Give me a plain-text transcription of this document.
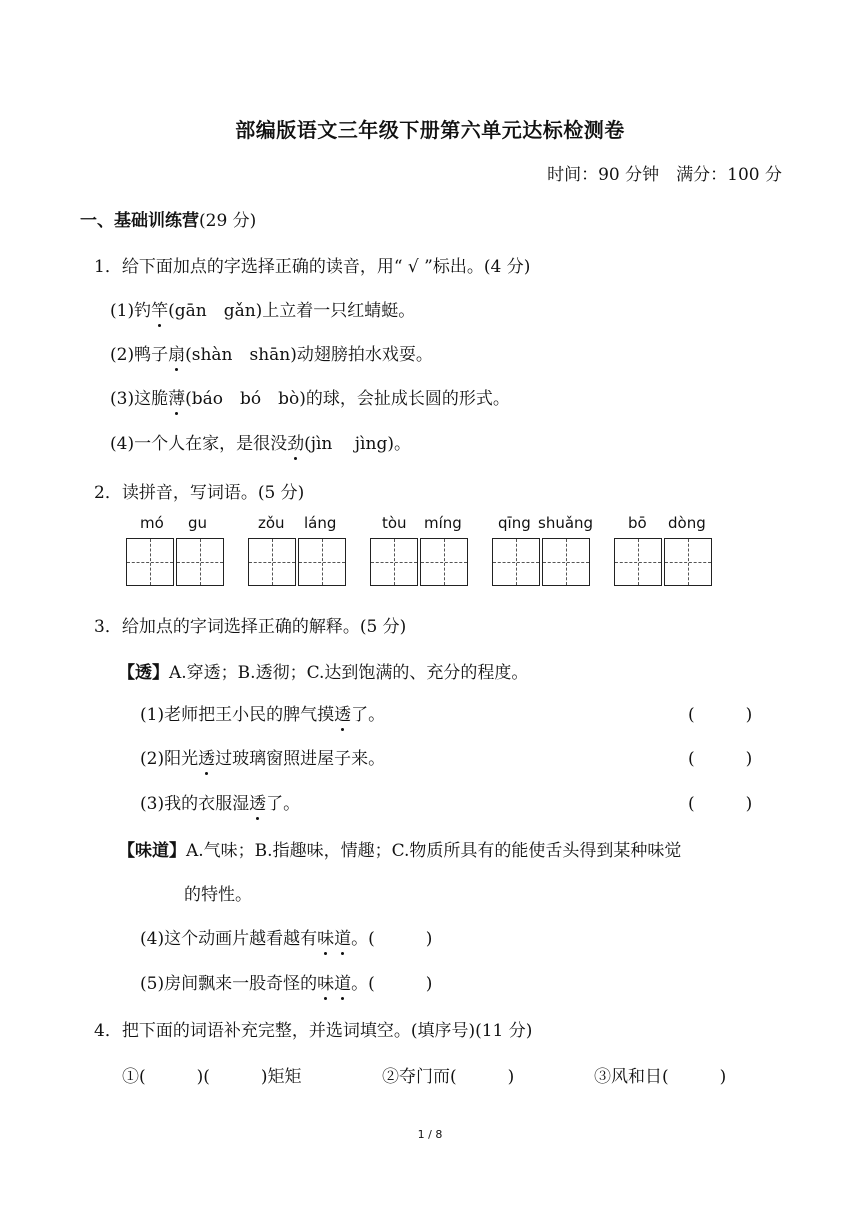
部编版语文三年级下册第六单元达标检测卷
时间：90 分钟　满分：100 分
一、基础训练营(29 分)
1．给下面加点的字选择正确的读音，用“ √ ”标出。(4 分)
(1)钓竿(gān　gǎn)上立着一只红蜻蜓。
(2)鸭子扇(shàn　shān)动翅膀拍水戏耍。
(3)这脆薄(báo　bó　bò)的球，会扯成长圆的形式。
(4)一个人在家，是很没劲(jìn　 jìng)。
2．读拼音，写词语。(5 分)
mó gu	zǒu láng	tòu míng qīng shuǎng bō dòng
3．给加点的字词选择正确的解释。(5 分)
【透】A.穿透；B.透彻；C.达到饱满的、充分的程度。
(1)老师把王小民的脾气摸透了。	(　　　)
(2)阳光透过玻璃窗照进屋子来。	(　　　)
(3)我的衣服湿透了。	(　　　)
【味道】A.气味；B.指趣味，情趣；C.物质所具有的能使舌头得到某种味觉
的特性。
(4)这个动画片越看越有味道。(　　　)
(5)房间飘来一股奇怪的味道。(　　　)
4．把下面的词语补充完整，并选词填空。(填序号)(11 分)
①(　　　)(　　　)矩矩	②夺门而(　　　)	③风和日(　　　)
1 / 8
